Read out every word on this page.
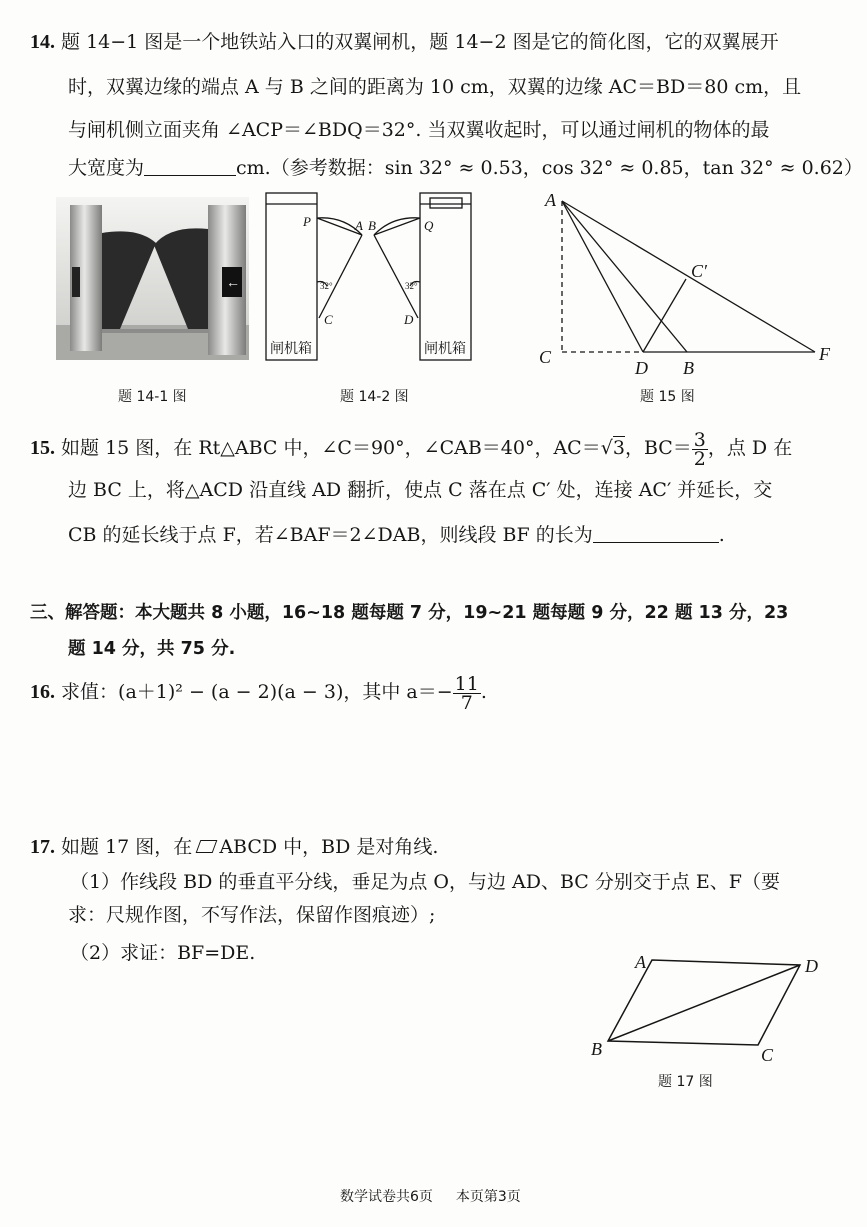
14. 题 14−1 图是一个地铁站入口的双翼闸机，题 14−2 图是它的简化图，它的双翼展开

时，双翼边缘的端点 A 与 B 之间的距离为 10 cm，双翼的边缘 AC＝BD＝80 cm，且

与闸机侧立面夹角 ∠ACP＝∠BDQ＝32°. 当双翼收起时，可以通过闸机的物体的最

大宽度为	cm.（参考数据：sin 32° ≈ 0.53，cos 32° ≈ 0.85，tan 32° ≈ 0.62）

←
题 14-1 图
P	A B	Q
C	D
32°	32°
闸机箱	闸机箱
题 14-2 图
A
C
D B
F
C′
题 15 图

15. 如题 15 图，在 Rt△ABC 中，∠C＝90°，∠CAB＝40°，AC＝√3，$BC= \frac{3}{2}$ ，点 D 在

边 BC 上，将△ACD 沿直线 AD 翻折，使点 C 落在点 C′ 处，连接 AC′ 并延长，交

CB 的延长线于点 F，若∠BAF＝2∠DAB，则线段 BF 的长为	.

三、解答题：本大题共 8 小题，16~18 题每题 7 分，19~21 题每题 9 分，22 题 13 分，23

题 14 分，共 75 分.

16. 求值：(a＋1)² − (a − 2)(a − 3)，其中 $a=- \frac{11}{7}$ .

17. 如题 17 图，在 ABCD 中，BD 是对角线.

（1）作线段 BD 的垂直平分线，垂足为点 O，与边 AD、BC 分别交于点 E、F（要

求：尺规作图，不写作法，保留作图痕迹）;

（2）求证：BF=DE.	A	D
B	C
题 17 图
数学试卷共6页 本页第3页
